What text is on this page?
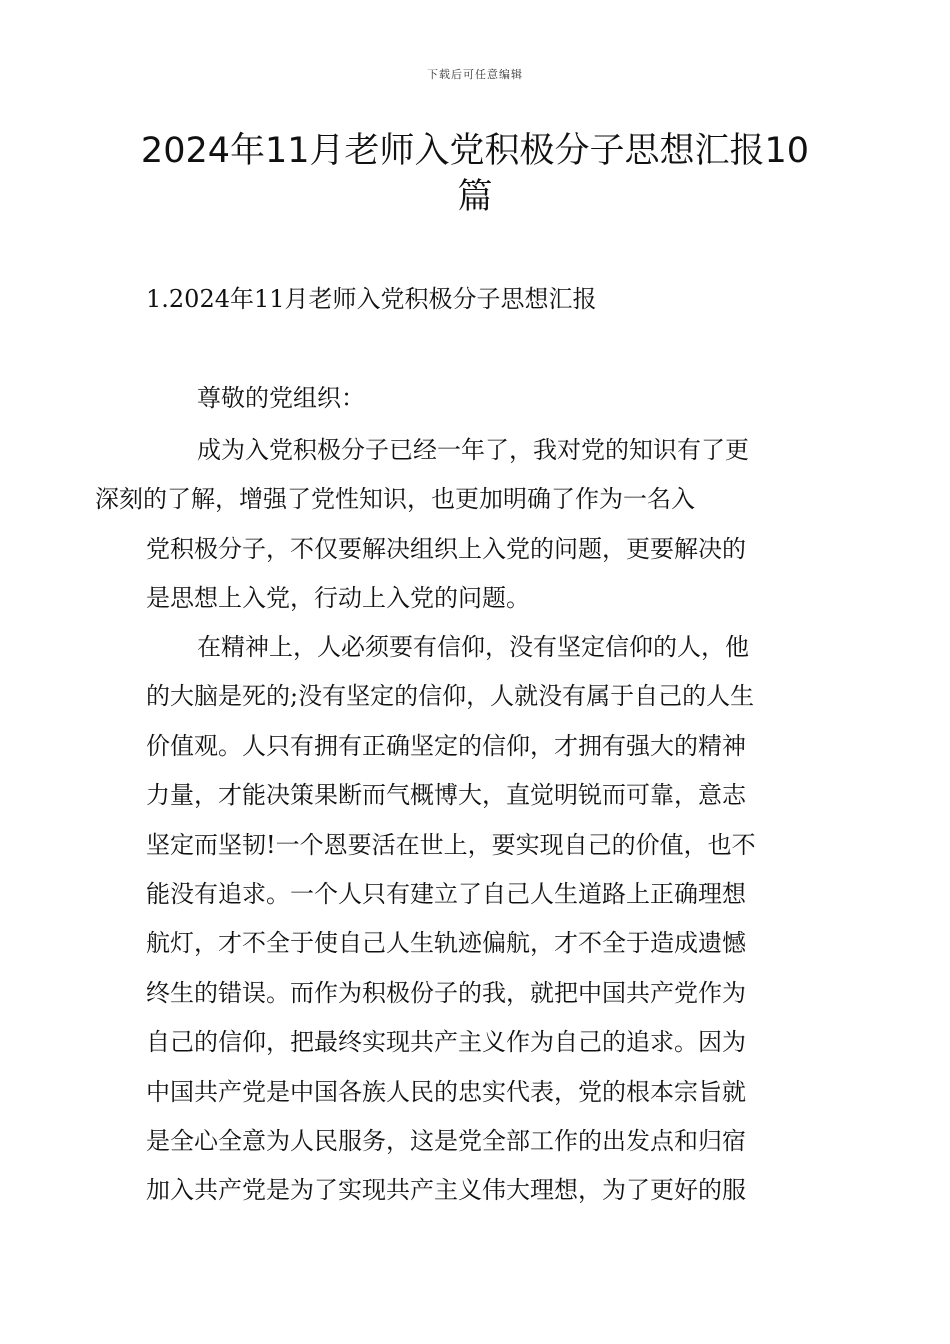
下载后可任意编辑
2024年11月老师入党积极分子思想汇报10
篇
1.2024年11月老师入党积极分子思想汇报

尊敬的党组织：

成为入党积极分子已经一年了，我对党的知识有了更
深刻的了解，增强了党性知识，也更加明确了作为一名入
党积极分子，不仅要解决组织上入党的问题，更要解决的
是思想上入党，行动上入党的问题。

在精神上，人必须要有信仰，没有坚定信仰的人，他
的大脑是死的;没有坚定的信仰，人就没有属于自己的人生
价值观。人只有拥有正确坚定的信仰，才拥有强大的精神
力量，才能决策果断而气概博大，直觉明锐而可靠，意志
坚定而坚韧!一个恩要活在世上，要实现自己的价值，也不
能没有追求。一个人只有建立了自己人生道路上正确理想
航灯，才不全于使自己人生轨迹偏航，才不全于造成遗憾
终生的错误。而作为积极份子的我，就把中国共产党作为
自己的信仰，把最终实现共产主义作为自己的追求。因为
中国共产党是中国各族人民的忠实代表，党的根本宗旨就
是全心全意为人民服务，这是党全部工作的出发点和归宿
加入共产党是为了实现共产主义伟大理想，为了更好的服
